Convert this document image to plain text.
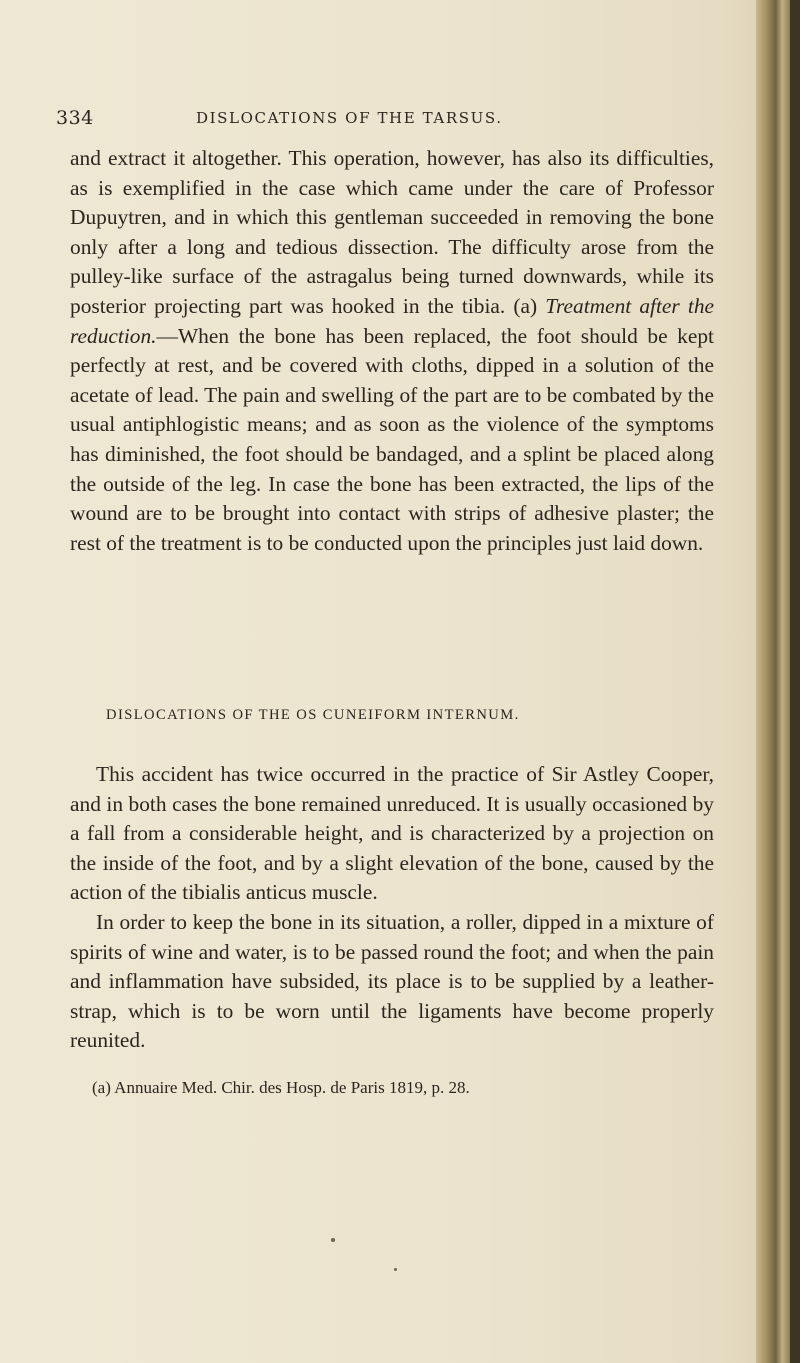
334	DISLOCATIONS OF THE TARSUS.

and extract it altogether. This operation, however, has also its difficulties, as is exemplified in the case which came under the care of Professor Dupuytren, and in which this gentleman succeeded in removing the bone only after a long and tedious dissection. The difficulty arose from the pulley-like surface of the astragalus being turned downwards, while its posterior projecting part was hooked in the tibia. (a) Treatment after the reduction.—When the bone has been replaced, the foot should be kept perfectly at rest, and be covered with cloths, dipped in a solution of the acetate of lead. The pain and swelling of the part are to be combated by the usual antiphlogistic means; and as soon as the violence of the symptoms has diminished, the foot should be bandaged, and a splint be placed along the outside of the leg. In case the bone has been extracted, the lips of the wound are to be brought into contact with strips of adhesive plaster; the rest of the treatment is to be conducted upon the principles just laid down.

DISLOCATIONS OF THE OS CUNEIFORM INTERNUM.

This accident has twice occurred in the practice of Sir Astley Cooper, and in both cases the bone remained unreduced. It is usually occasioned by a fall from a considerable height, and is characterized by a projection on the inside of the foot, and by a slight elevation of the bone, caused by the action of the tibialis anticus muscle.

In order to keep the bone in its situation, a roller, dipped in a mixture of spirits of wine and water, is to be passed round the foot; and when the pain and inflammation have subsided, its place is to be supplied by a leather-strap, which is to be worn until the ligaments have become properly reunited.

(a) Annuaire Med. Chir. des Hosp. de Paris 1819, p. 28.
